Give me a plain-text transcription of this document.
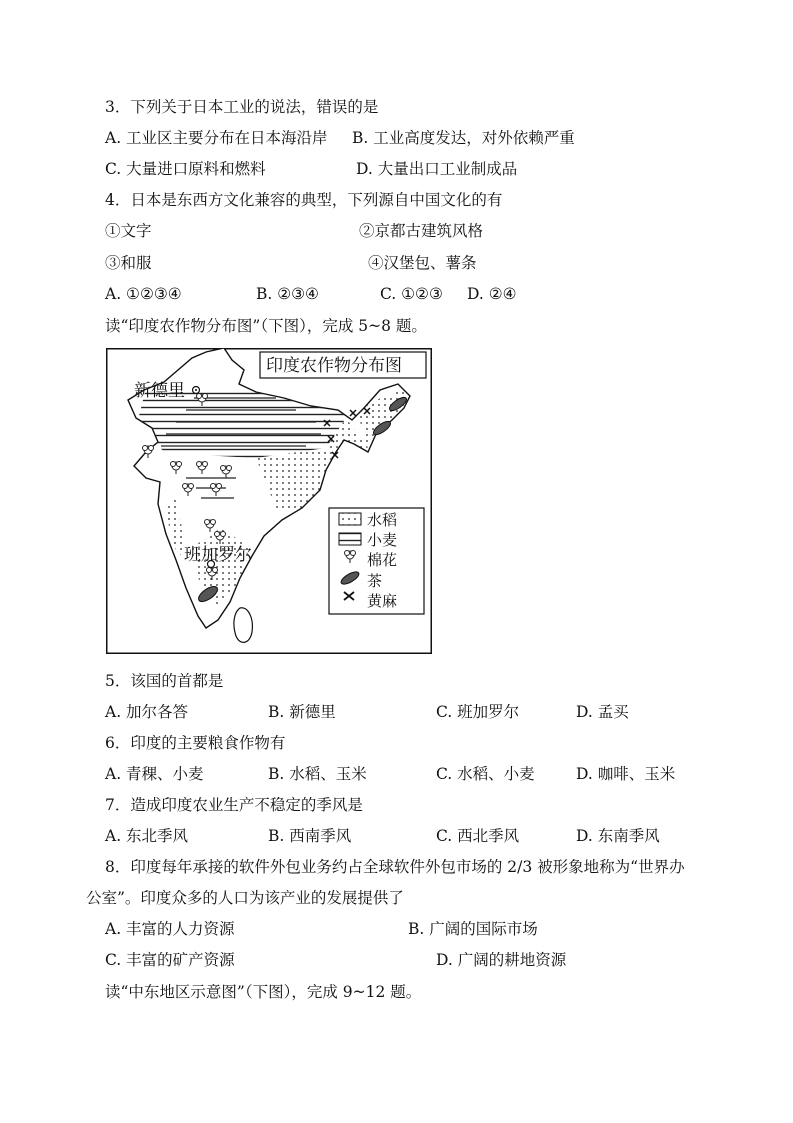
3．下列关于日本工业的说法，错误的是
A. 工业区主要分布在日本海沿岸 B. 工业高度发达，对外依赖严重
C. 大量进口原料和燃料	D. 大量出口工业制成品
4．日本是东西方文化兼容的典型，下列源自中国文化的有
①文字	②京都古建筑风格
③和服	④汉堡包、薯条
A. ①②③④	B. ②③④	C. ①②③ D. ②④
读“印度农作物分布图”（下图），完成 5~8 题。
新德里
班加罗尔
印度农作物分布图
水稻
小麦
棉花
茶
黄麻
5．该国的首都是
A. 加尔各答	B. 新德里	C. 班加罗尔	D. 孟买
6．印度的主要粮食作物有
A. 青稞、小麦	B. 水稻、玉米	C. 水稻、小麦	D. 咖啡、玉米
7．造成印度农业生产不稳定的季风是
A. 东北季风	B. 西南季风	C. 西北季风	D. 东南季风
8．印度每年承接的软件外包业务约占全球软件外包市场的 2/3 被形象地称为“世界办
公室”。印度众多的人口为该产业的发展提供了
A. 丰富的人力资源	B. 广阔的国际市场
C. 丰富的矿产资源	D. 广阔的耕地资源
读“中东地区示意图”（下图），完成 9~12 题。
